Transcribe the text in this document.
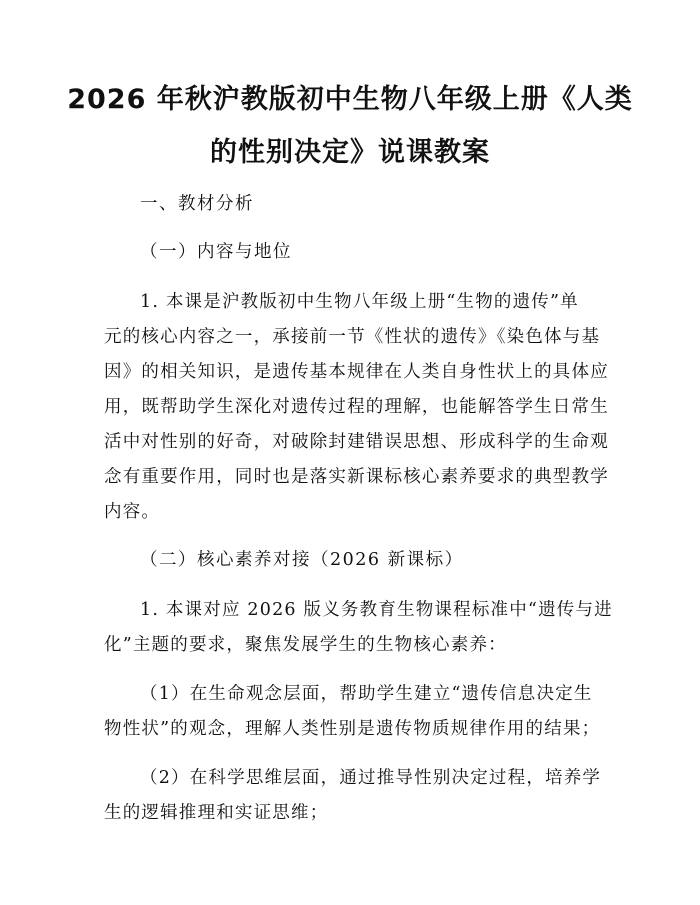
2026 年秋沪教版初中生物八年级上册《人类
的性别决定》说课教案
一、教材分析
（一）内容与地位
1. 本课是沪教版初中生物八年级上册“生物的遗传”单
元的核心内容之一，承接前一节《性状的遗传》《染色体与基
因》的相关知识，是遗传基本规律在人类自身性状上的具体应
用，既帮助学生深化对遗传过程的理解，也能解答学生日常生
活中对性别的好奇，对破除封建错误思想、形成科学的生命观
念有重要作用，同时也是落实新课标核心素养要求的典型教学
内容。
（二）核心素养对接（2026 新课标）
1. 本课对应 2026 版义务教育生物课程标准中“遗传与进
化”主题的要求，聚焦发展学生的生物核心素养：
（1）在生命观念层面，帮助学生建立“遗传信息决定生
物性状”的观念，理解人类性别是遗传物质规律作用的结果；
（2）在科学思维层面，通过推导性别决定过程，培养学
生的逻辑推理和实证思维；
